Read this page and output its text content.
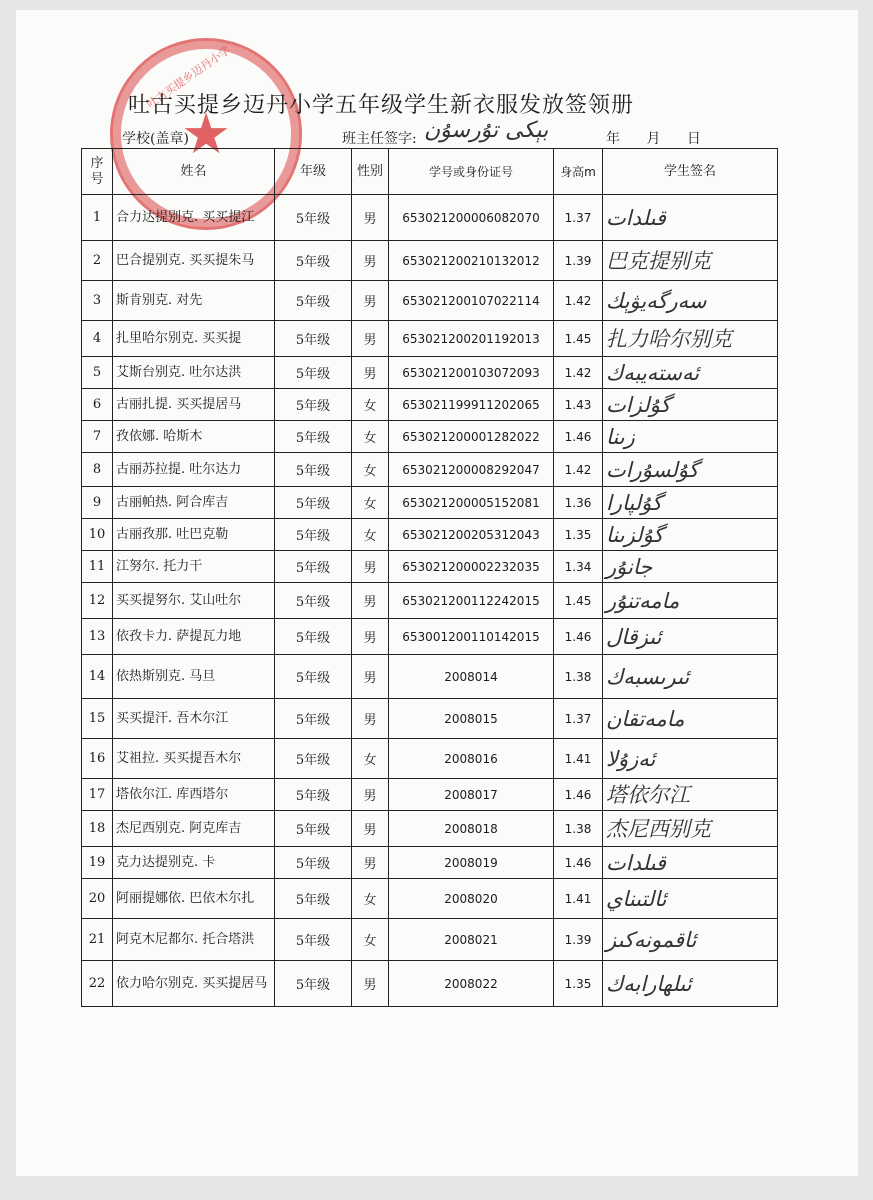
吐古买提乡迈丹小学
★
吐古买提乡迈丹小学五年级学生新衣服发放签领册
学校(盖章)	班主任签字: بېكى تۇرسۇن	年 月 日
序号	姓名	年级	性别	学号或身份证号	身高m	学生签名
1	合力达提别克. 买买提江	5年级	男	653021200006082070	1.37	قىلدات
2	巴合提别克. 买买提朱马	5年级	男	653021200210132012	1.39	巴克提别克
3	斯肯别克. 对先	5年级	男	653021200107022114	1.42	سەرگەيۋېك
4	扎里哈尔别克. 买买提	5年级	男	653021200201192013	1.45	扎力哈尔别克
5	艾斯台别克. 吐尔达洪	5年级	男	653021200103072093	1.42	ئەستەيبەك
6	古丽扎提. 买买提居马	5年级	女	653021199911202065	1.43	گۇلزات
7	孜依娜. 哈斯木	5年级	女	653021200001282022	1.46	زىنا
8	古丽苏拉提. 吐尔达力	5年级	女	653021200008292047	1.42	گۇلسۇرات
9	古丽帕热. 阿合库吉	5年级	女	653021200005152081	1.36	گۇلپارا
10	古丽孜那. 吐巴克勒	5年级	女	653021200205312043	1.35	گۇلزىنا
11	江努尔. 托力干	5年级	男	653021200002232035	1.34	جانۇر
12	买买提努尔. 艾山吐尔	5年级	男	653021200112242015	1.45	مامەتنۇر
13	依孜卡力. 萨提瓦力地	5年级	男	653001200110142015	1.46	ئىزقال
14	依热斯别克. 马旦	5年级	男	2008014	1.38	ئىرىسبەك
15	买买提汗. 吾木尔江	5年级	男	2008015	1.37	مامەتقان
16	艾祖拉. 买买提吾木尔	5年级	女	2008016	1.41	ئەزۇلا
17	塔依尔江. 库西塔尔	5年级	男	2008017	1.46	塔依尔江
18	杰尼西别克. 阿克库吉	5年级	男	2008018	1.38	杰尼西别克
19	克力达提别克. 卡	5年级	男	2008019	1.46	قىلدات
20	阿丽提娜依. 巴依木尔扎	5年级	女	2008020	1.41	ئالتىناي
21	阿克木尼都尔. 托合塔洪	5年级	女	2008021	1.39	ئاقمونەكىز
22	依力哈尔别克. 买买提居马	5年级	男	2008022	1.35	ئىلھارابەك
